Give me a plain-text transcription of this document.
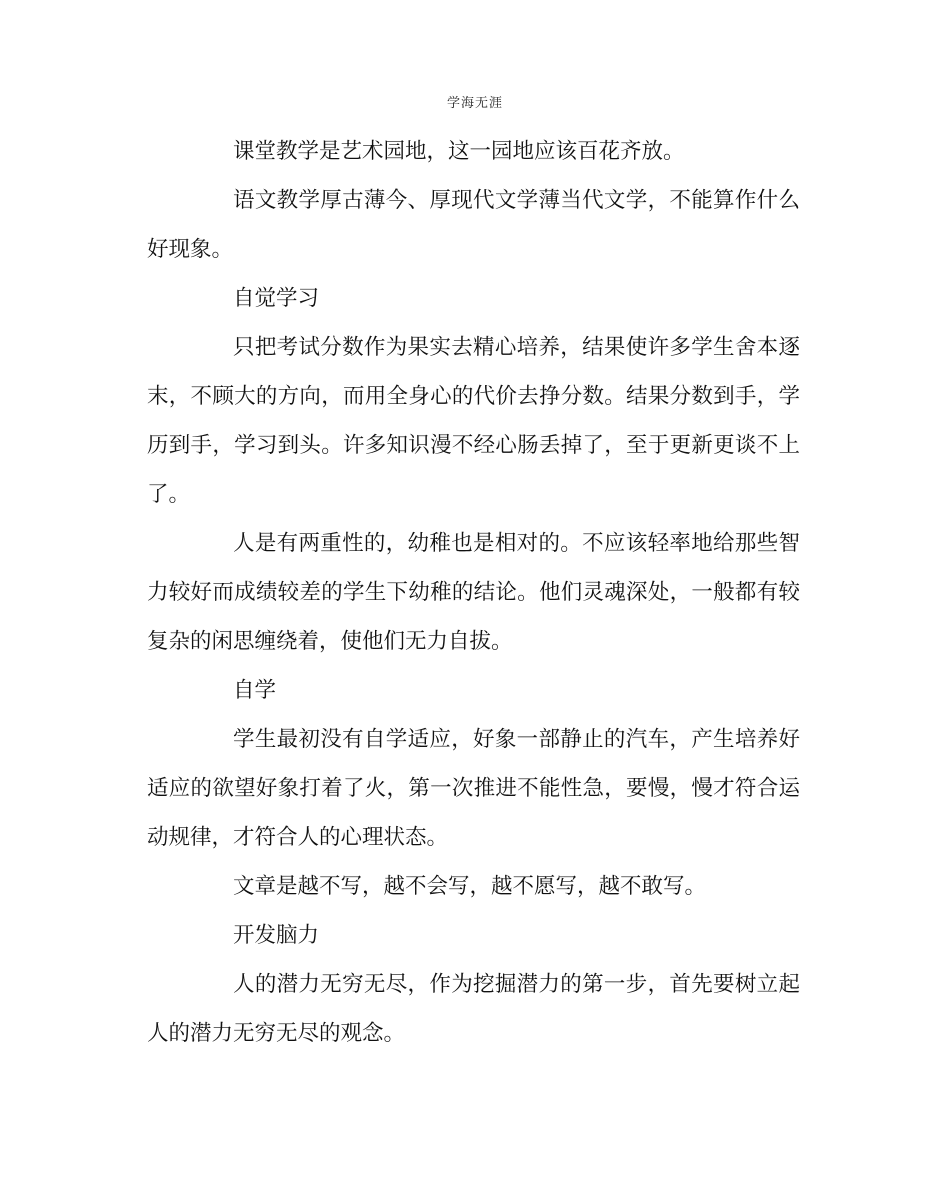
学海无涯

课堂教学是艺术园地，这一园地应该百花齐放。

语文教学厚古薄今、厚现代文学薄当代文学，不能算作什么好现象。

自觉学习

只把考试分数作为果实去精心培养，结果使许多学生舍本逐末，不顾大的方向，而用全身心的代价去挣分数。结果分数到手，学历到手，学习到头。许多知识漫不经心肠丢掉了，至于更新更谈不上了。

人是有两重性的，幼稚也是相对的。不应该轻率地给那些智力较好而成绩较差的学生下幼稚的结论。他们灵魂深处，一般都有较复杂的闲思缠绕着，使他们无力自拔。

自学

学生最初没有自学适应，好象一部静止的汽车，产生培养好适应的欲望好象打着了火，第一次推进不能性急，要慢，慢才符合运动规律，才符合人的心理状态。

文章是越不写，越不会写，越不愿写，越不敢写。

开发脑力

人的潜力无穷无尽，作为挖掘潜力的第一步，首先要树立起人的潜力无穷无尽的观念。
